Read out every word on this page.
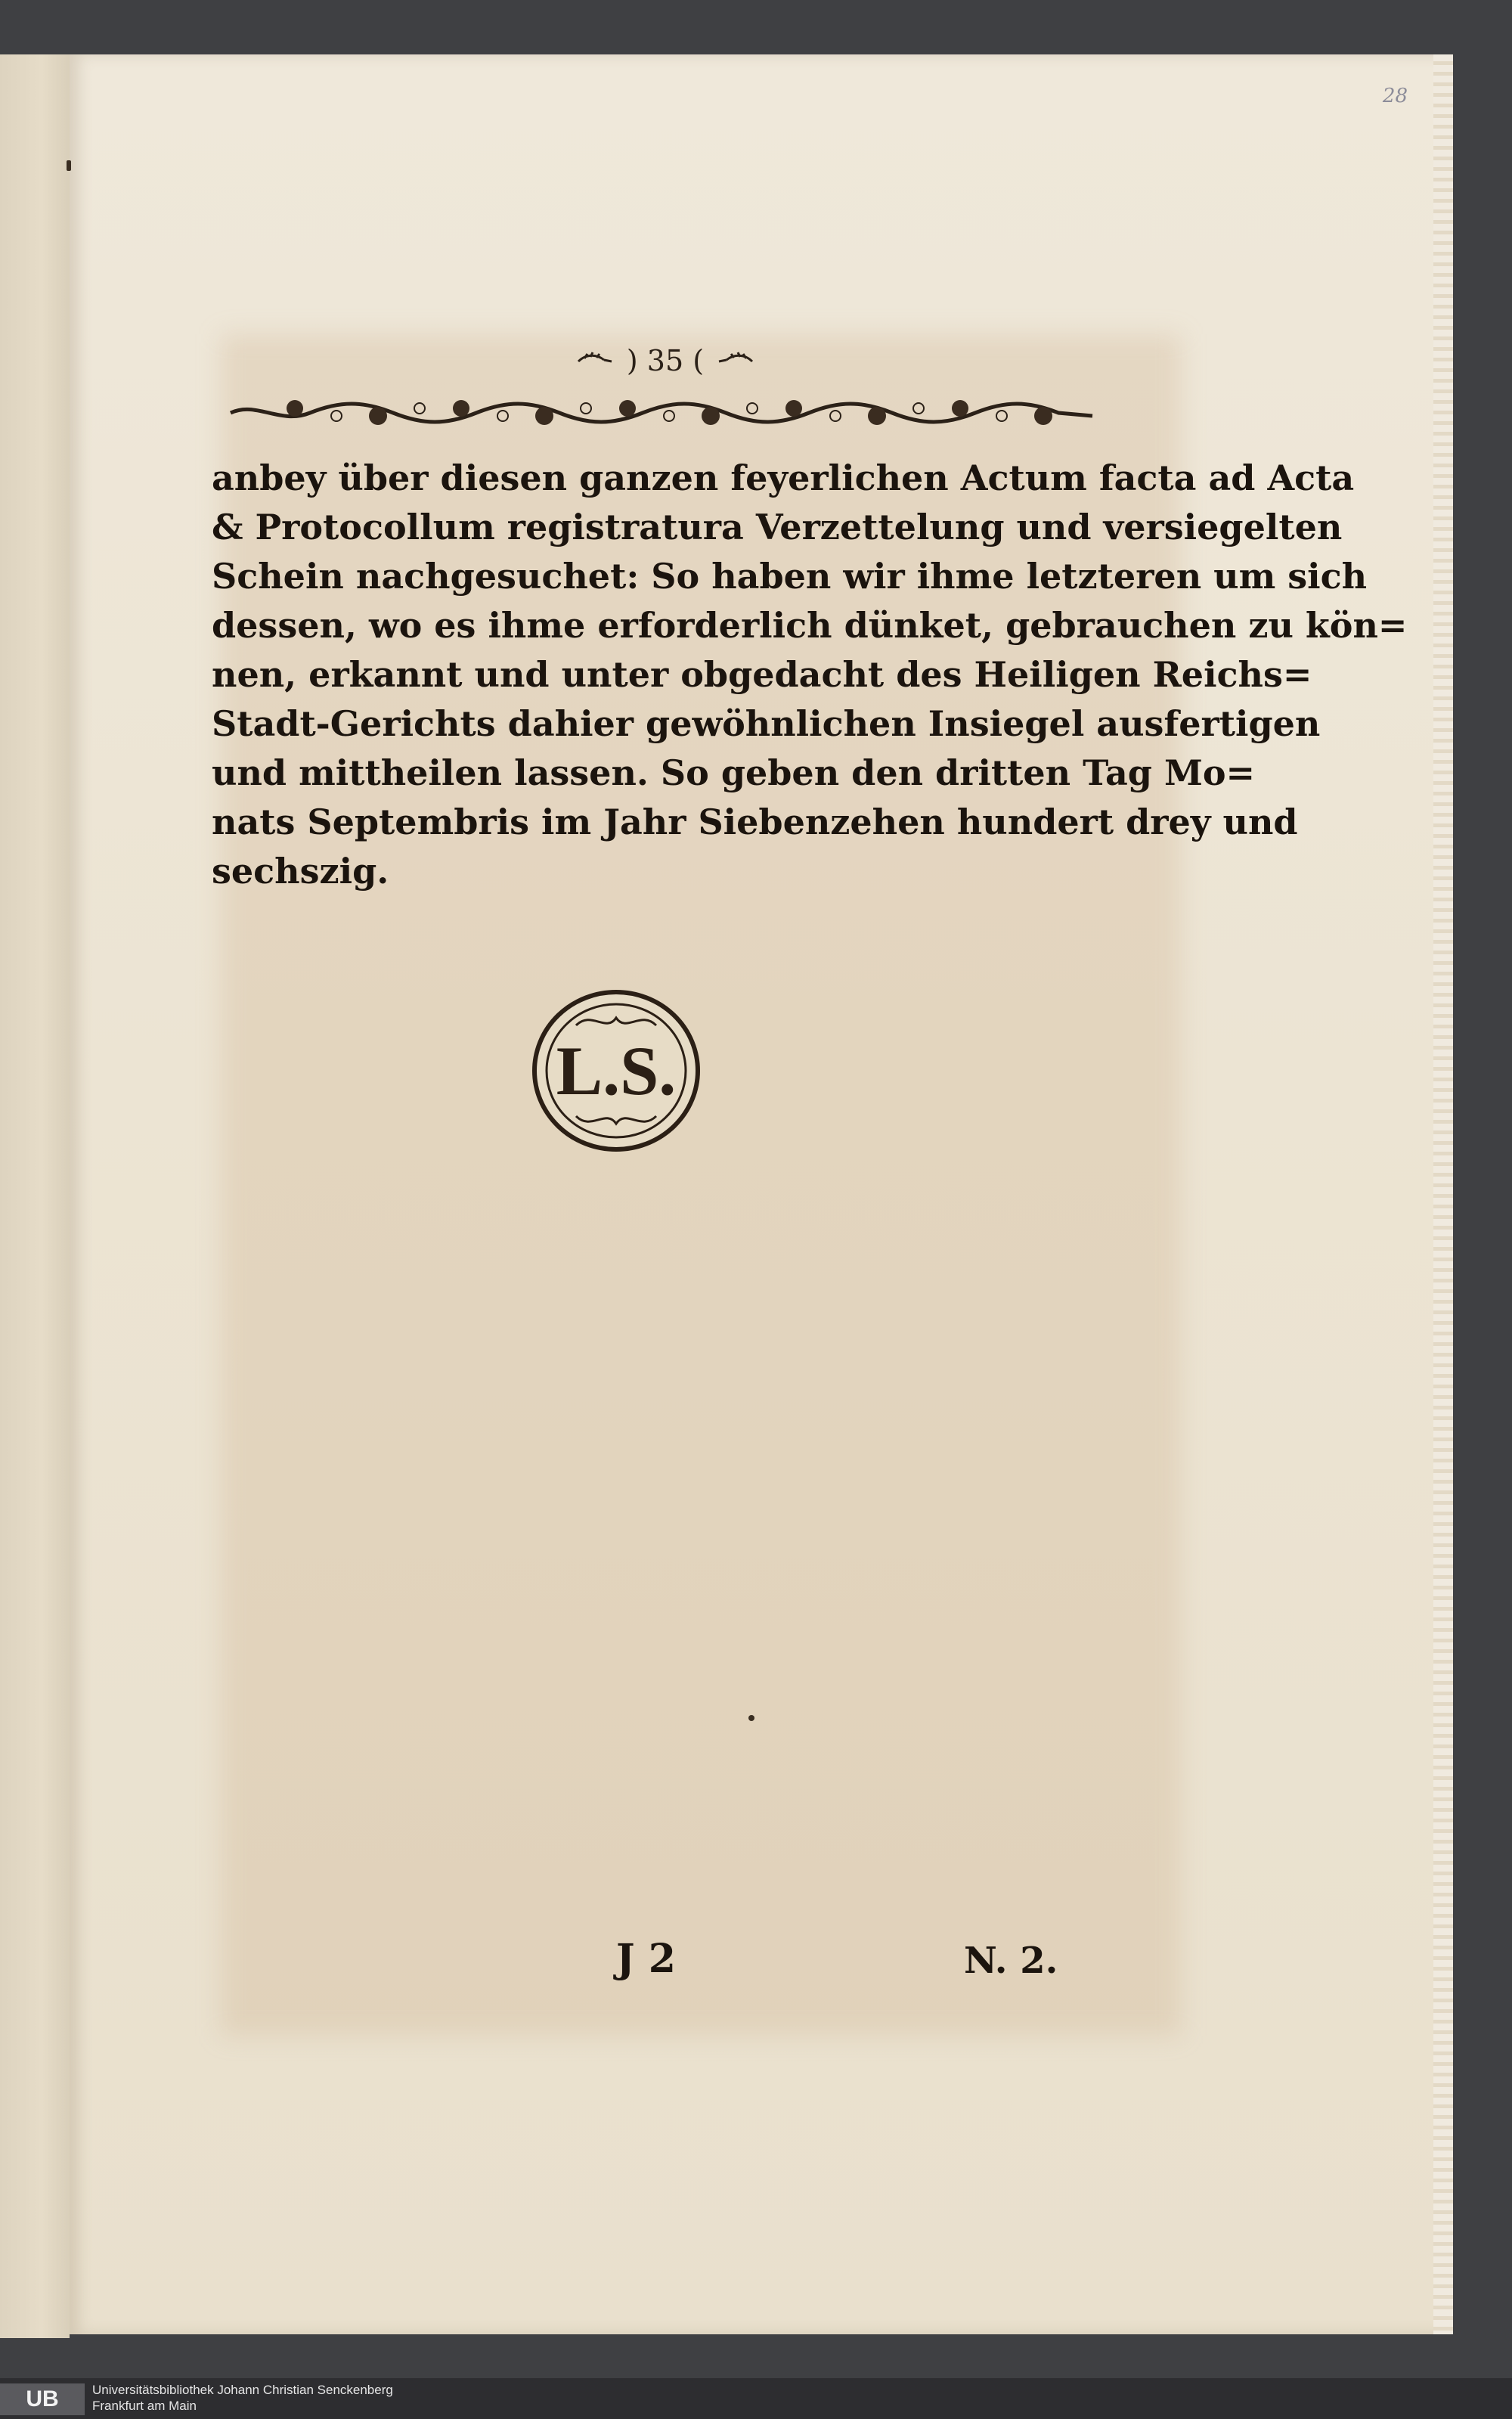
28
) 35 (
anbey über diesen ganzen feyerlichen Actum facta ad Acta
& Protocollum registratura Verzettelung und versiegelten
Schein nachgesuchet: So haben wir ihme letzteren um sich
dessen, wo es ihme erforderlich dünket, gebrauchen zu kön=
nen, erkannt und unter obgedacht des Heiligen Reichs=
Stadt-Gerichts dahier gewöhnlichen Insiegel ausfertigen
und mittheilen lassen. So geben den dritten Tag Mo=
nats Septembris im Jahr Siebenzehen hundert drey und
sechszig.
L.S.
J 2	N. 2.
UB	Universitätsbibliothek Johann Christian Senckenberg
Frankfurt am Main
